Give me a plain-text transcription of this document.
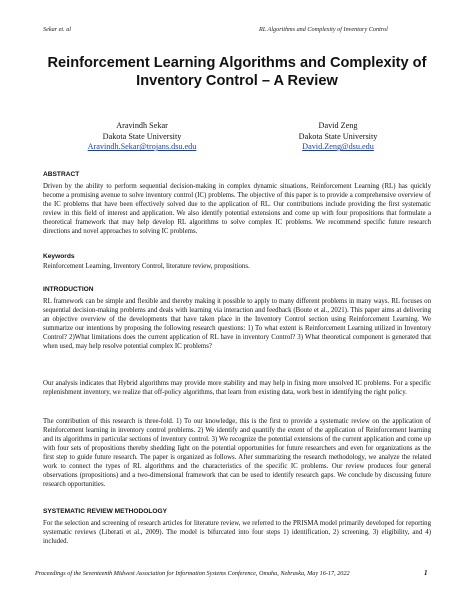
Sekar et. al	RL Algorithms and Complexity of Inventory Control
Reinforcement Learning Algorithms and Complexity of
Inventory Control – A Review
Aravindh Sekar
Dakota State University
Aravindh.Sekar@trojans.dsu.edu
David Zeng
Dakota State University
David.Zeng@dsu.edu
ABSTRACT
Driven by the ability to perform sequential decision-making in complex dynamic situations, Reinforcement Learning (RL) has quickly become a promising avenue to solve inventory control (IC) problems. The objective of this paper is to provide a comprehensive overview of the IC problems that have been effectively solved due to the application of RL. Our contributions include providing the first systematic review in this field of interest and application. We also identify potential extensions and come up with four propositions that formulate a theoretical framework that may help develop RL algorithms to solve complex IC problems. We recommend specific future research directions and novel approaches to solving IC problems.
Keywords
Reinforcement Learning, Inventory Control, literature review, propositions.
INTRODUCTION
RL framework can be simple and flexible and thereby making it possible to apply to many different problems in many ways. RL focuses on sequential decision-making problems and deals with learning via interaction and feedback (Boute et al., 2021). This paper aims at delivering an objective overview of the developments that have taken place in the Inventory Control section using Reinforcement Learning. We summarize our intentions by proposing the following research questions: 1) To what extent is Reinforcement Learning utilized in Inventory Control? 2)What limitations does the current application of RL have in inventory Control? 3) What theoretical component is generated that when used, may help resolve potential complex IC problems?
Our analysis indicates that Hybrid algorithms may provide more stability and may help in fixing more unsolved IC problems. For a specific replenishment inventory, we realize that off-policy algorithms, that learn from existing data, work best in identifying the right policy.
The contribution of this research is three-fold. 1) To our knowledge, this is the first to provide a systematic review on the application of Reinforcement learning in inventory control problems. 2) We identify and quantify the extent of the application of Reinforcement learning and its algorithms in particular sections of inventory control. 3) We recognize the potential extensions of the current application and come up with four sets of propositions thereby shedding light on the potential opportunities for future researchers and even for organizations as the first step to guide future research. The paper is organized as follows. After summarizing the research methodology, we analyze the related work to connect the types of RL algorithms and the characteristics of the specific IC problems. Our review produces four general observations (propositions) and a two-dimensional framework that can be used to identify research gaps. We conclude by discussing future research opportunities.
SYSTEMATIC REVIEW METHODOLOGY
For the selection and screening of research articles for literature review, we referred to the PRISMA model primarily developed for reporting systematic reviews (Liberati et al., 2009). The model is bifurcated into four steps 1) identification, 2) screening, 3) eligibility, and 4) included.
Proceedings of the Seventeenth Midwest Association for Information Systems Conference, Omaha, Nebraska, May 16-17, 2022	1
